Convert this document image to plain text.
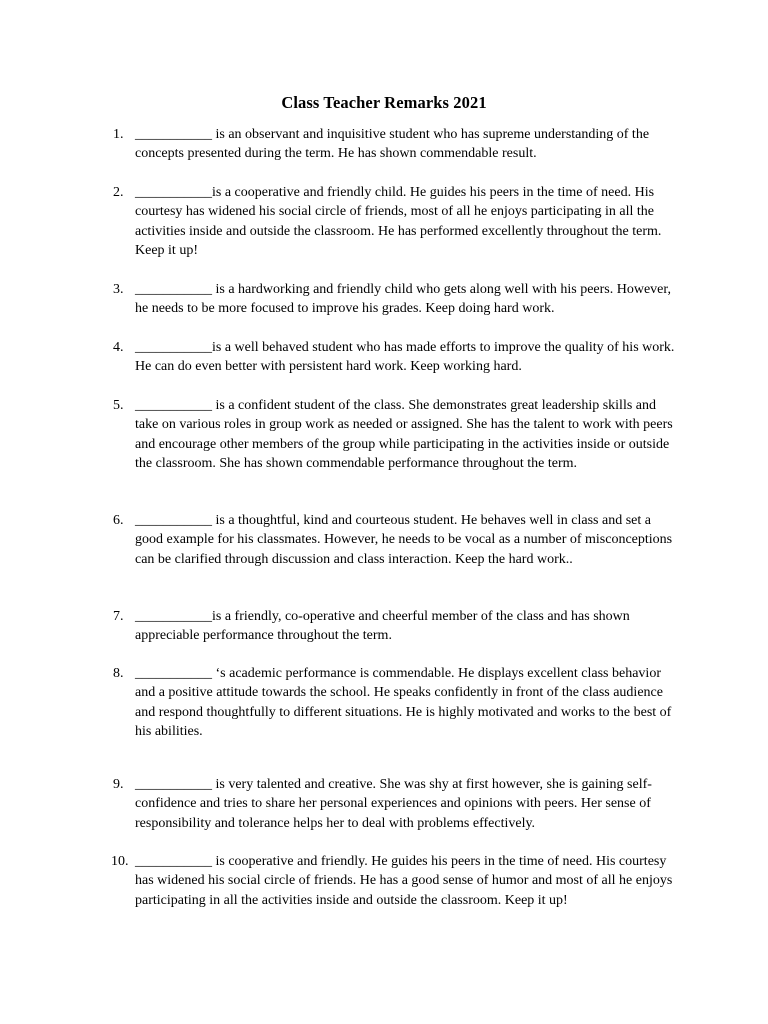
Class Teacher Remarks 2021
1. ___________ is an observant and inquisitive student who has supreme understanding of the concepts presented during the term. He has shown commendable result.
2. ___________is a cooperative and friendly child. He guides his peers in the time of need. His courtesy has widened his social circle of friends, most of all he enjoys participating in all the activities inside and outside the classroom. He has performed excellently throughout the term. Keep it up!
3. ___________ is a hardworking and friendly child who gets along well with his peers. However, he needs to be more focused to improve his grades. Keep doing hard work.
4. ___________is a well behaved student who has made efforts to improve the quality of his work. He can do even better with persistent hard work. Keep working hard.
5. ___________ is a confident student of the class. She demonstrates great leadership skills and take on various roles in group work as needed or assigned. She has the talent to work with peers and encourage other members of the group while participating in the activities inside or outside the classroom. She has shown commendable performance throughout the term.
6. ___________ is a thoughtful, kind and courteous student. He behaves well in class and set a good example for his classmates. However, he needs to be vocal as a number of misconceptions can be clarified through discussion and class interaction. Keep the hard work..
7. ___________is a friendly, co-operative and cheerful member of the class and has shown appreciable performance throughout the term.
8. ___________ ‘s academic performance is commendable. He displays excellent class behavior and a positive attitude towards the school. He speaks confidently in front of the class audience and respond thoughtfully to different situations. He is highly motivated and works to the best of his abilities.
9. ___________ is very talented and creative. She was shy at first however, she is gaining self-confidence and tries to share her personal experiences and opinions with peers. Her sense of responsibility and tolerance helps her to deal with problems effectively.
10. ___________ is cooperative and friendly. He guides his peers in the time of need. His courtesy has widened his social circle of friends. He has a good sense of humor and most of all he enjoys participating in all the activities inside and outside the classroom. Keep it up!
